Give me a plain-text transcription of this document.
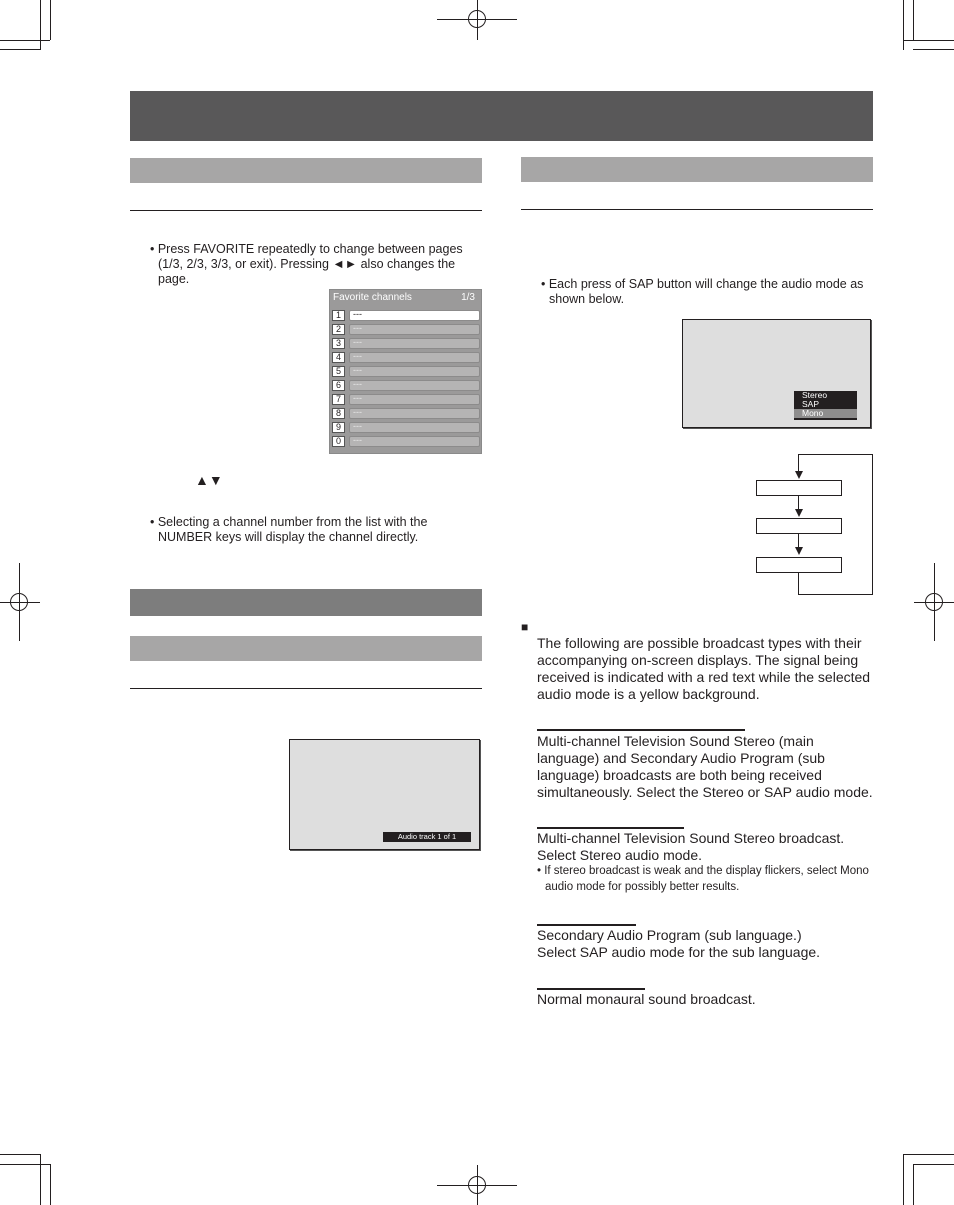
• Press FAVORITE repeatedly to change between pages (1/3, 2/3, 3/3, or exit). Pressing ◄► also changes the page.
Favorite channels	1/3
1	---
2	---
3	---
4	---
5	---
6	---
7	---
8	---
9	---
0	---
▲▼
• Selecting a channel number from the list with the NUMBER keys will display the channel directly.
Audio track 1 of 1
• Each press of SAP button will change the audio mode as shown below.
Stereo
SAP
Mono
■
The following are possible broadcast types with their accompanying on-screen displays. The signal being received is indicated with a red text while the selected audio mode is a yellow background.
Multi-channel Television Sound Stereo (main language) and Secondary Audio Program (sub language) broadcasts are both being received simultaneously. Select the Stereo or SAP audio mode.
Multi-channel Television Sound Stereo broadcast.
Select Stereo audio mode.
• If stereo broadcast is weak and the display flickers, select Mono audio mode for possibly better results.
Secondary Audio Program (sub language.)
Select SAP audio mode for the sub language.
Normal monaural sound broadcast.
